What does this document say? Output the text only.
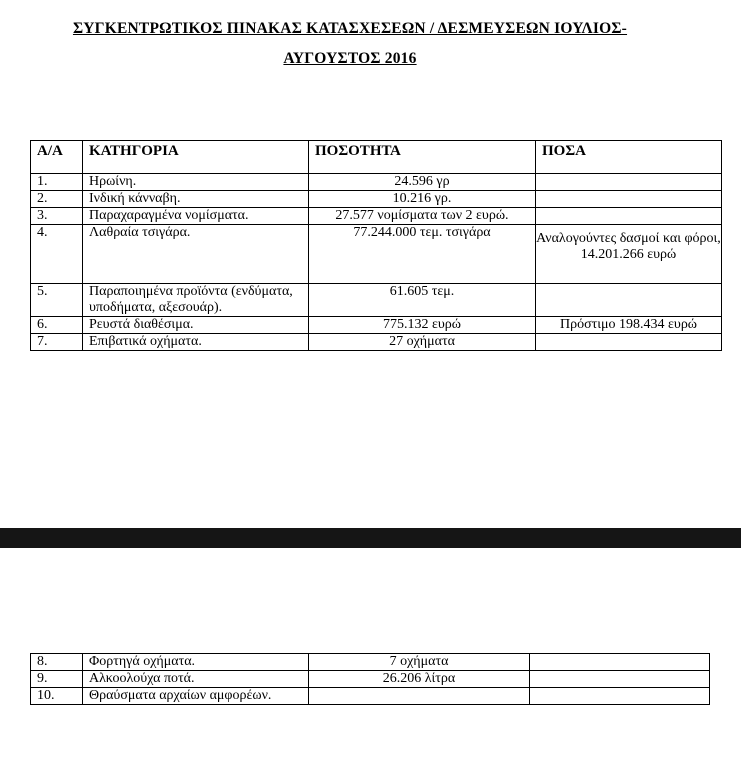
ΣΥΓΚΕΝΤΡΩΤΙΚΟΣ ΠΙΝΑΚΑΣ ΚΑΤΑΣΧΕΣΕΩΝ / ΔΕΣΜΕΥΣΕΩΝ ΙΟΥΛΙΟΣ-
ΑΥΓΟΥΣΤΟΣ 2016
Α/Α	ΚΑΤΗΓΟΡΙΑ	ΠΟΣΟΤΗΤΑ	ΠΟΣΑ
1.	Ηρωίνη.	24.596 γρ	
2.	Ινδική κάνναβη.	10.216 γρ.	
3.	Παραχαραγμένα νομίσματα.	27.577 νομίσματα των 2 ευρώ.	
4.	Λαθραία τσιγάρα.	77.244.000 τεμ. τσιγάρα	Αναλογούντες δασμοί και φόροι, 14.201.266 ευρώ
5.	Παραποιημένα προϊόντα (ενδύματα, υποδήματα, αξεσουάρ).	61.605 τεμ.	
6.	Ρευστά διαθέσιμα.	775.132 ευρώ	Πρόστιμο 198.434 ευρώ
7.	Επιβατικά οχήματα.	27 οχήματα	
8.	Φορτηγά οχήματα.	7 οχήματα	
9.	Αλκοολούχα ποτά.	26.206 λίτρα	
10.	Θραύσματα αρχαίων αμφορέων.		
